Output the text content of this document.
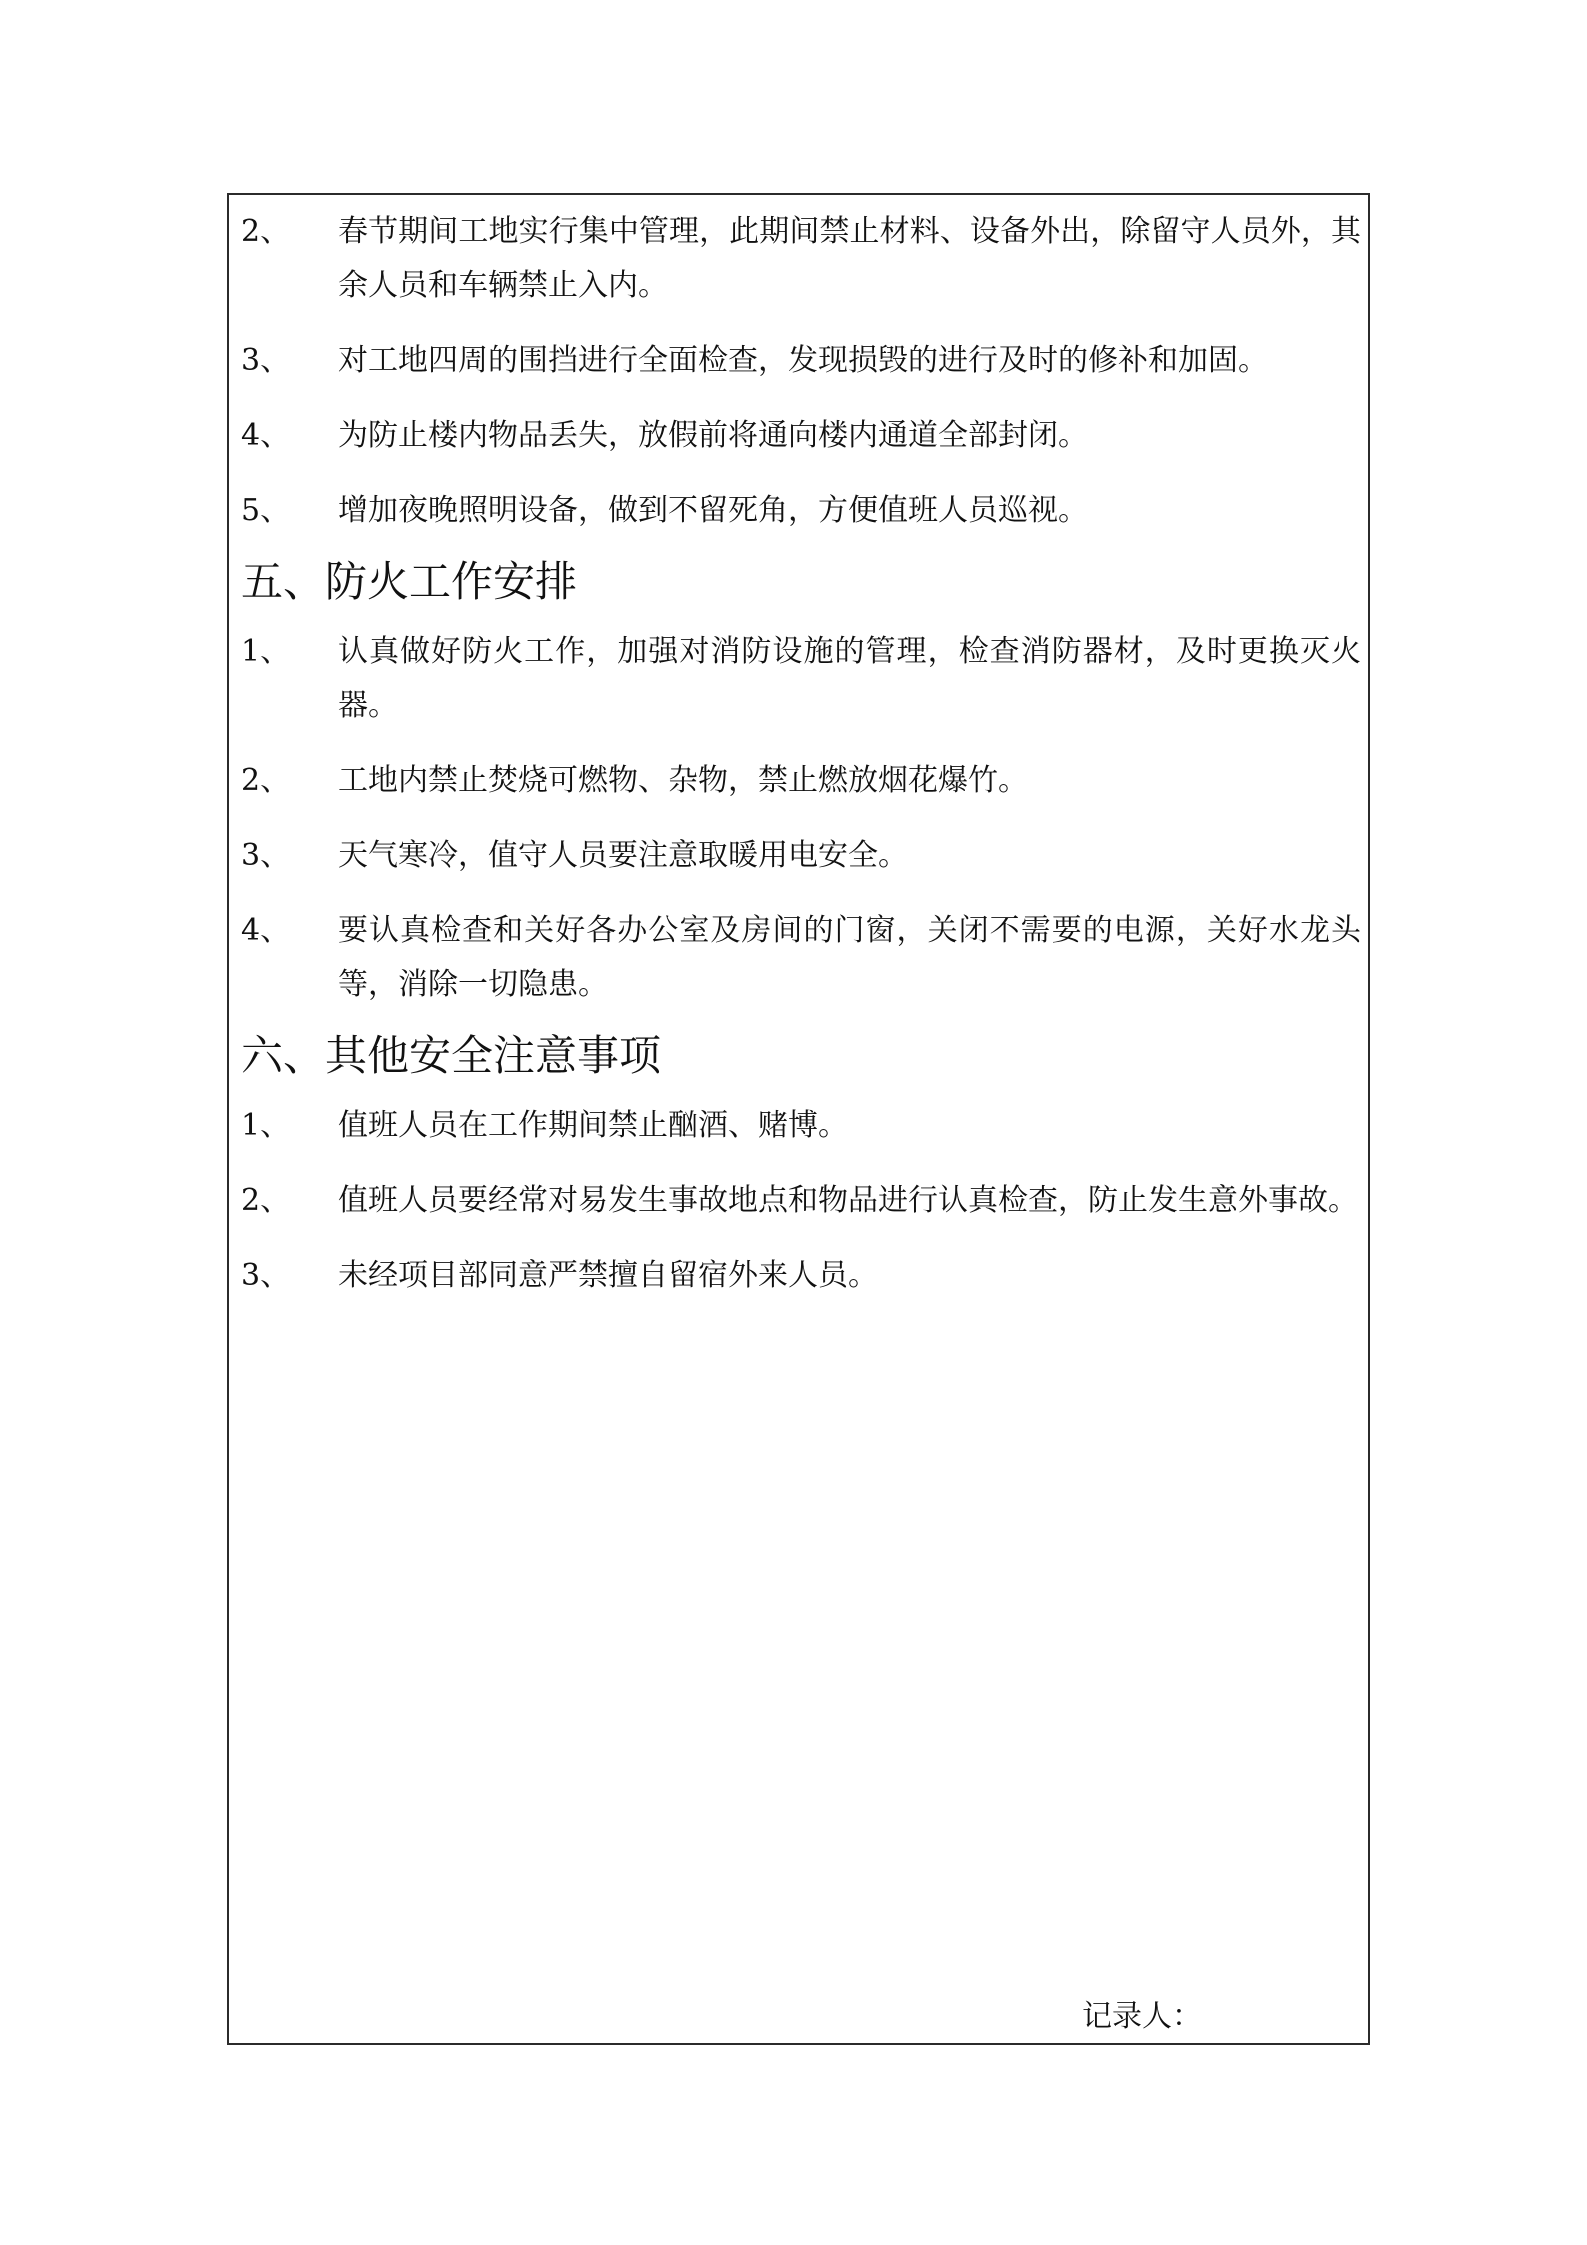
2、	春节期间工地实行集中管理，此期间禁止材料、设备外出，除留守人员外，其余人员和车辆禁止入内。
3、	对工地四周的围挡进行全面检查，发现损毁的进行及时的修补和加固。
4、	为防止楼内物品丢失，放假前将通向楼内通道全部封闭。
5、	增加夜晚照明设备，做到不留死角，方便值班人员巡视。
五、防火工作安排
1、	认真做好防火工作，加强对消防设施的管理，检查消防器材，及时更换灭火器。
2、	工地内禁止焚烧可燃物、杂物，禁止燃放烟花爆竹。
3、	天气寒冷，值守人员要注意取暖用电安全。
4、	要认真检查和关好各办公室及房间的门窗，关闭不需要的电源，关好水龙头等，消除一切隐患。
六、其他安全注意事项
1、	值班人员在工作期间禁止酗酒、赌博。
2、	值班人员要经常对易发生事故地点和物品进行认真检查，防止发生意外事故。
3、	未经项目部同意严禁擅自留宿外来人员。
记录人：
